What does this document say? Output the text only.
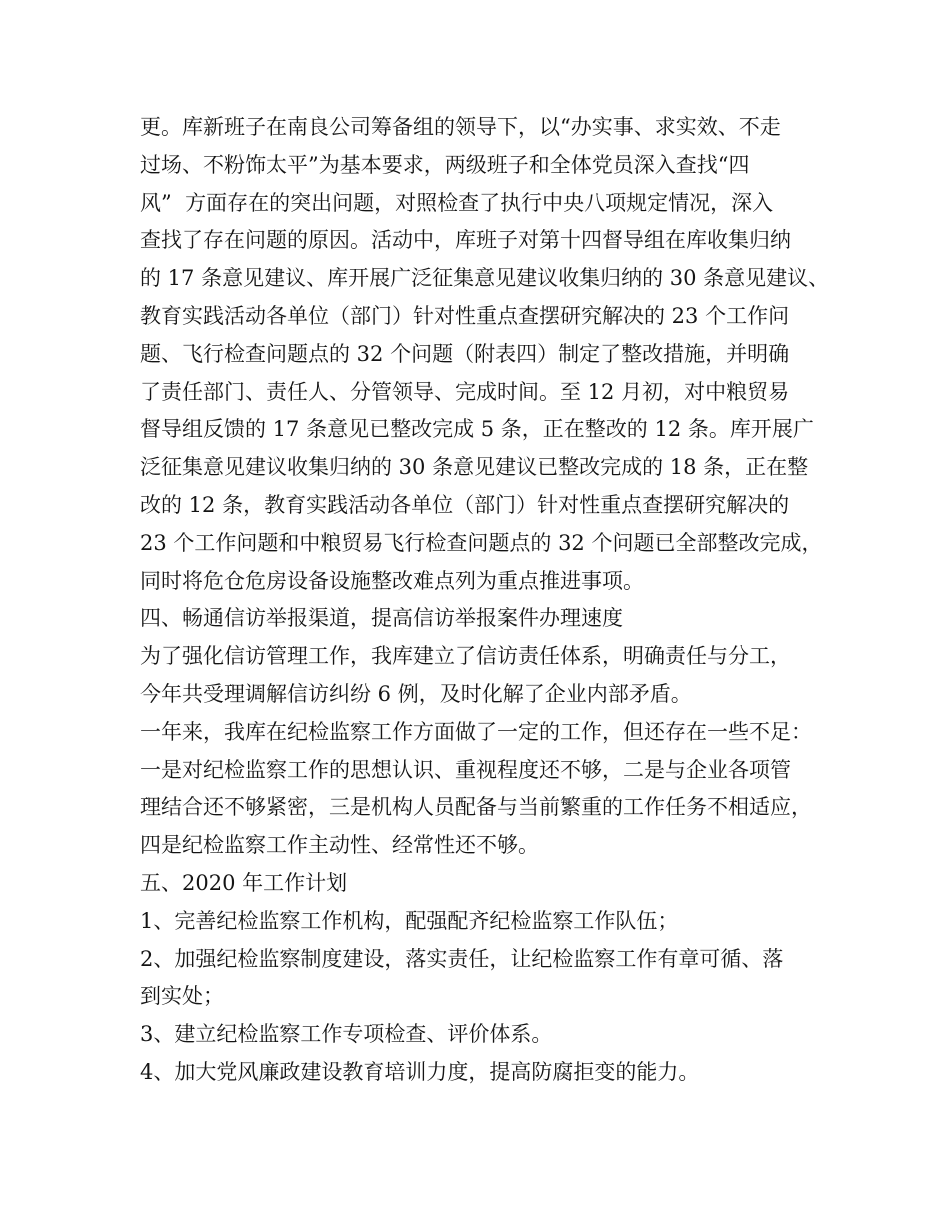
更。库新班子在南良公司筹备组的领导下，以“办实事、求实效、不走
过场、不粉饰太平”为基本要求，两级班子和全体党员深入查找“四
风”  方面存在的突出问题，对照检查了执行中央八项规定情况，深入
查找了存在问题的原因。活动中，库班子对第十四督导组在库收集归纳
的 17 条意见建议、库开展广泛征集意见建议收集归纳的 30 条意见建议、
教育实践活动各单位（部门）针对性重点查摆研究解决的 23 个工作问
题、飞行检查问题点的 32 个问题（附表四）制定了整改措施，并明确
了责任部门、责任人、分管领导、完成时间。至 12 月初，对中粮贸易
督导组反馈的 17 条意见已整改完成 5 条，正在整改的 12 条。库开展广
泛征集意见建议收集归纳的 30 条意见建议已整改完成的 18 条，正在整
改的 12 条，教育实践活动各单位（部门）针对性重点查摆研究解决的
23 个工作问题和中粮贸易飞行检查问题点的 32 个问题已全部整改完成，
同时将危仓危房设备设施整改难点列为重点推进事项。
四、畅通信访举报渠道，提高信访举报案件办理速度
为了强化信访管理工作，我库建立了信访责任体系，明确责任与分工，
今年共受理调解信访纠纷 6 例，及时化解了企业内部矛盾。
一年来，我库在纪检监察工作方面做了一定的工作，但还存在一些不足：
一是对纪检监察工作的思想认识、重视程度还不够，二是与企业各项管
理结合还不够紧密，三是机构人员配备与当前繁重的工作任务不相适应，
四是纪检监察工作主动性、经常性还不够。
五、2020 年工作计划
1、完善纪检监察工作机构，配强配齐纪检监察工作队伍；
2、加强纪检监察制度建设，落实责任，让纪检监察工作有章可循、落
到实处；
3、建立纪检监察工作专项检查、评价体系。
4、加大党风廉政建设教育培训力度，提高防腐拒变的能力。
